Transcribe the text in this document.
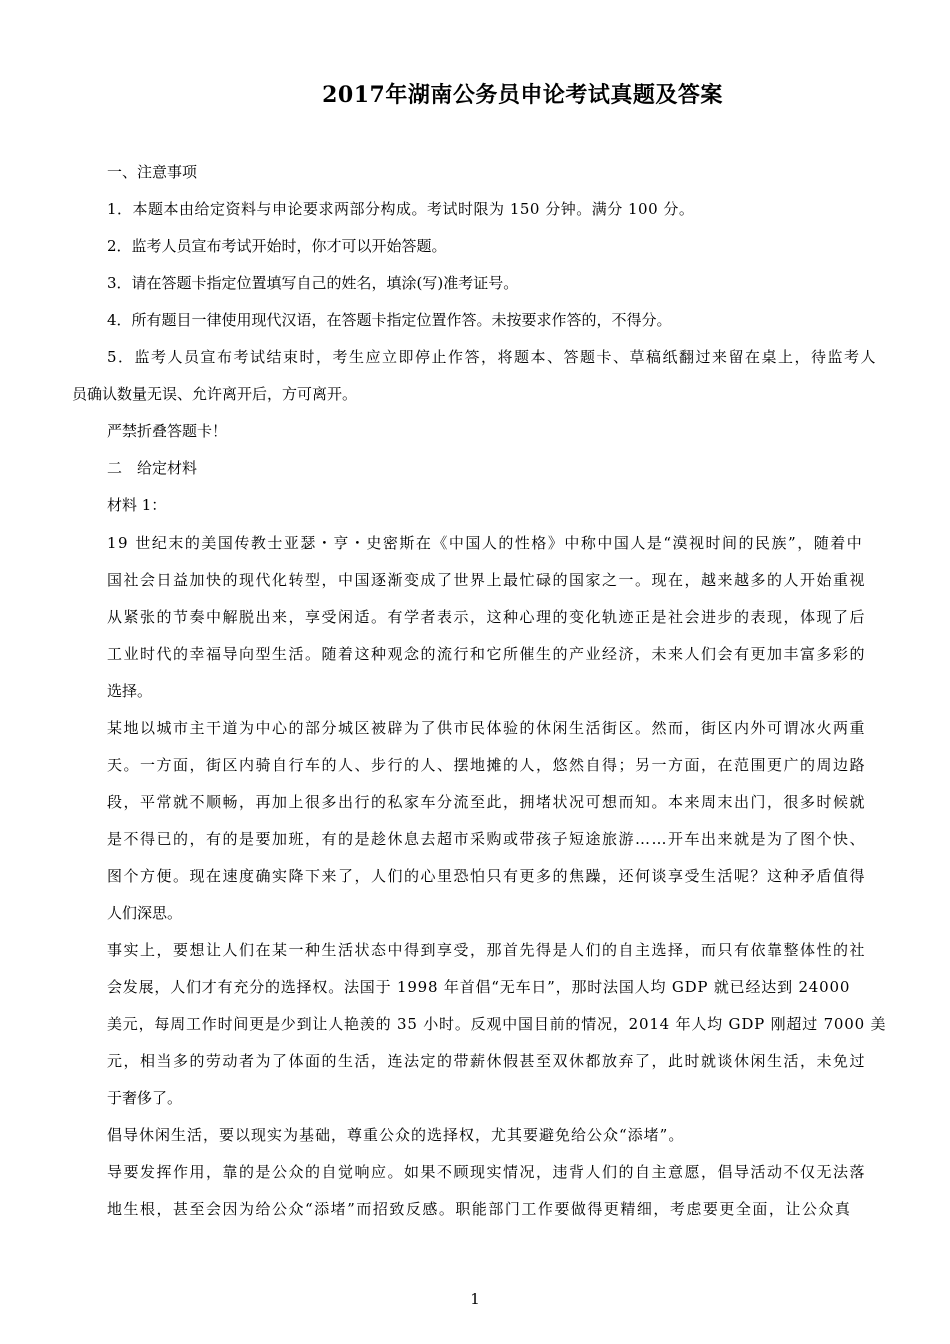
2017年湖南公务员申论考试真题及答案
一、注意事项
1．本题本由给定资料与申论要求两部分构成。考试时限为 150 分钟。满分 100 分。
2．监考人员宣布考试开始时，你才可以开始答题。
3．请在答题卡指定位置填写自己的姓名，填涂(写)准考证号。
4．所有题目一律使用现代汉语，在答题卡指定位置作答。未按要求作答的，不得分。
5．监考人员宣布考试结束时，考生应立即停止作答，将题本、答题卡、草稿纸翻过来留在桌上，待监考人
员确认数量无误、允许离开后，方可离开。
严禁折叠答题卡！
二　给定材料
材料 1：
19 世纪末的美国传教士亚瑟・亨・史密斯在《中国人的性格》中称中国人是“漠视时间的民族”，随着中
国社会日益加快的现代化转型，中国逐渐变成了世界上最忙碌的国家之一。现在，越来越多的人开始重视
从紧张的节奏中解脱出来，享受闲适。有学者表示，这种心理的变化轨迹正是社会进步的表现，体现了后
工业时代的幸福导向型生活。随着这种观念的流行和它所催生的产业经济，未来人们会有更加丰富多彩的
选择。
某地以城市主干道为中心的部分城区被辟为了供市民体验的休闲生活街区。然而，街区内外可谓冰火两重
天。一方面，街区内骑自行车的人、步行的人、摆地摊的人，悠然自得；另一方面，在范围更广的周边路
段，平常就不顺畅，再加上很多出行的私家车分流至此，拥堵状况可想而知。本来周末出门，很多时候就
是不得已的，有的是要加班，有的是趁休息去超市采购或带孩子短途旅游……开车出来就是为了图个快、
图个方便。现在速度确实降下来了，人们的心里恐怕只有更多的焦躁，还何谈享受生活呢？这种矛盾值得
人们深思。
事实上，要想让人们在某一种生活状态中得到享受，那首先得是人们的自主选择，而只有依靠整体性的社
会发展，人们才有充分的选择权。法国于 1998 年首倡“无车日”，那时法国人均 GDP 就已经达到 24000
美元，每周工作时间更是少到让人艳羡的 35 小时。反观中国目前的情况，2014 年人均 GDP 刚超过 7000 美
元，相当多的劳动者为了体面的生活，连法定的带薪休假甚至双休都放弃了，此时就谈休闲生活，未免过
于奢侈了。
倡导休闲生活，要以现实为基础，尊重公众的选择权，尤其要避免给公众“添堵”。
导要发挥作用，靠的是公众的自觉响应。如果不顾现实情况，违背人们的自主意愿，倡导活动不仅无法落
地生根，甚至会因为给公众“添堵”而招致反感。职能部门工作要做得更精细，考虑要更全面，让公众真
1
